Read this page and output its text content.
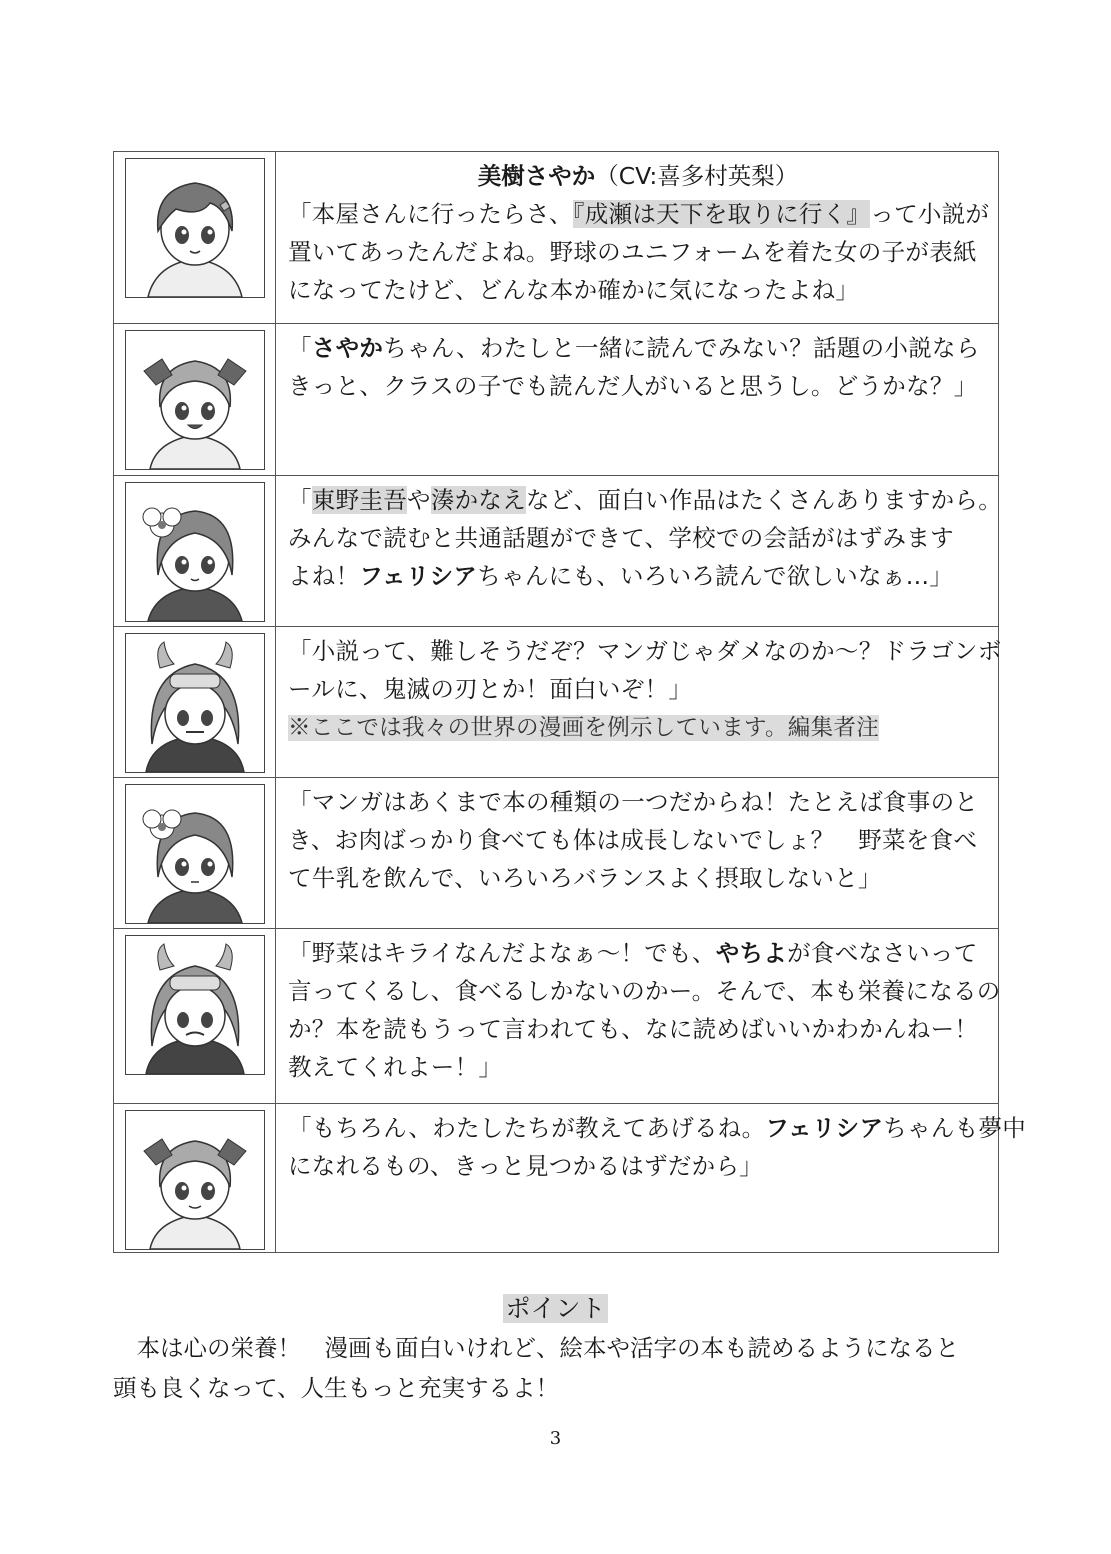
美樹さやか（CV:喜多村英梨）
「本屋さんに行ったらさ、『成瀬は天下を取りに行く』って小説が
置いてあったんだよね。野球のユニフォームを着た女の子が表紙
になってたけど、どんな本か確かに気になったよね」

「さやかちゃん、わたしと一緒に読んでみない？話題の小説なら
きっと、クラスの子でも読んだ人がいると思うし。どうかな？」

「東野圭吾や湊かなえなど、面白い作品はたくさんありますから。
みんなで読むと共通話題ができて、学校での会話がはずみます
よね！フェリシアちゃんにも、いろいろ読んで欲しいなぁ…」

「小説って、難しそうだぞ？マンガじゃダメなのか～？ドラゴンボ
ールに、鬼滅の刃とか！面白いぞ！」
※ここでは我々の世界の漫画を例示しています。編集者注

「マンガはあくまで本の種類の一つだからね！たとえば食事のと
き、お肉ばっかり食べても体は成長しないでしょ？　野菜を食べ
て牛乳を飲んで、いろいろバランスよく摂取しないと」

「野菜はキライなんだよなぁ～！でも、やちよが食べなさいって
言ってくるし、食べるしかないのかー。そんで、本も栄養になるの
か？本を読もうって言われても、なに読めばいいかわかんねー！
教えてくれよー！」

「もちろん、わたしたちが教えてあげるね。フェリシアちゃんも夢中
になれるもの、きっと見つかるはずだから」
ポイント
　本は心の栄養！　漫画も面白いけれど、絵本や活字の本も読めるようになると
頭も良くなって、人生もっと充実するよ！
3
